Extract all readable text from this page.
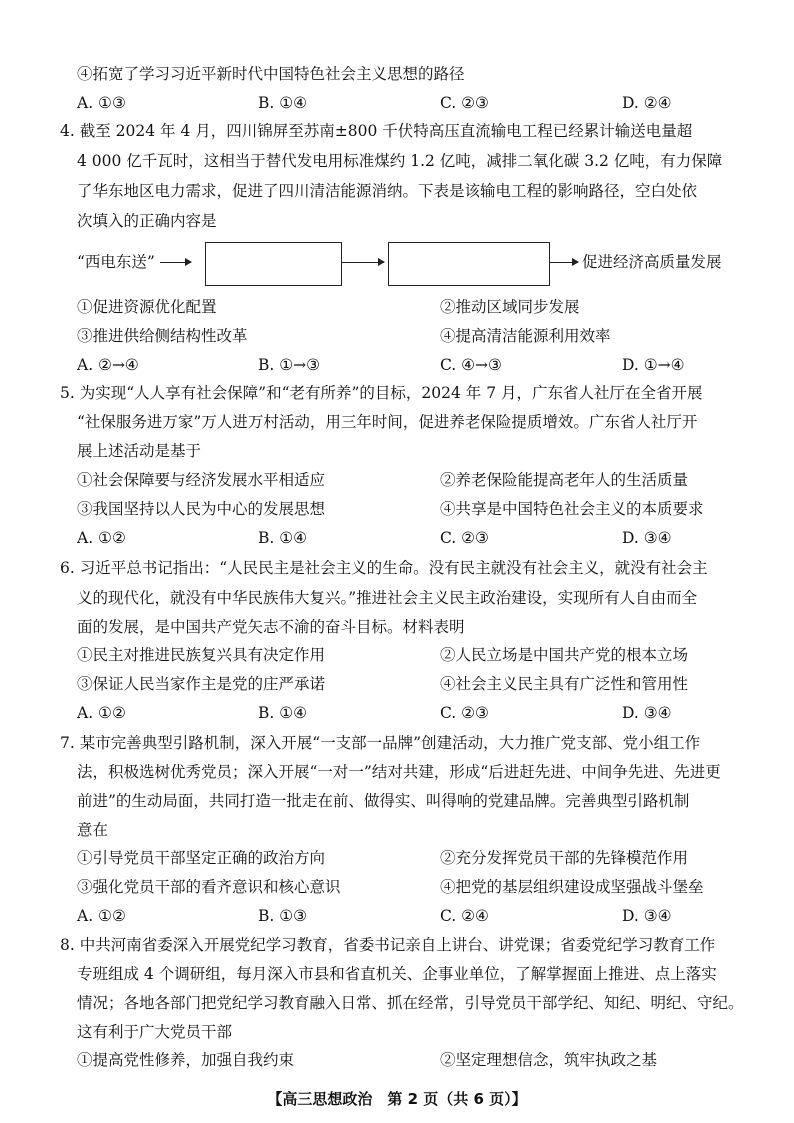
④拓宽了学习习近平新时代中国特色社会主义思想的路径
A. ①③	B. ①④	C. ②③	D. ②④
4. 截至 2024 年 4 月，四川锦屏至苏南±800 千伏特高压直流输电工程已经累计输送电量超
4 000 亿千瓦时，这相当于替代发电用标准煤约 1.2 亿吨，减排二氧化碳 3.2 亿吨，有力保障
了华东地区电力需求，促进了四川清洁能源消纳。下表是该输电工程的影响路径，空白处依
次填入的正确内容是
“西电东送”	促进经济高质量发展
①促进资源优化配置	②推动区域同步发展
③推进供给侧结构性改革	④提高清洁能源利用效率
A. ②→④	B. ①→③	C. ④→③	D. ①→④
5. 为实现“人人享有社会保障”和“老有所养”的目标，2024 年 7 月，广东省人社厅在全省开展
“社保服务进万家”万人进万村活动，用三年时间，促进养老保险提质增效。广东省人社厅开
展上述活动是基于
①社会保障要与经济发展水平相适应	②养老保险能提高老年人的生活质量
③我国坚持以人民为中心的发展思想	④共享是中国特色社会主义的本质要求
A. ①②	B. ①④	C. ②③	D. ③④
6. 习近平总书记指出：“人民民主是社会主义的生命。没有民主就没有社会主义，就没有社会主
义的现代化，就没有中华民族伟大复兴。”推进社会主义民主政治建设，实现所有人自由而全
面的发展，是中国共产党矢志不渝的奋斗目标。材料表明
①民主对推进民族复兴具有决定作用	②人民立场是中国共产党的根本立场
③保证人民当家作主是党的庄严承诺	④社会主义民主具有广泛性和管用性
A. ①②	B. ①④	C. ②③	D. ③④
7. 某市完善典型引路机制，深入开展“一支部一品牌”创建活动，大力推广党支部、党小组工作
法，积极选树优秀党员；深入开展“一对一”结对共建，形成“后进赶先进、中间争先进、先进更
前进”的生动局面，共同打造一批走在前、做得实、叫得响的党建品牌。完善典型引路机制
意在
①引导党员干部坚定正确的政治方向	②充分发挥党员干部的先锋模范作用
③强化党员干部的看齐意识和核心意识	④把党的基层组织建设成坚强战斗堡垒
A. ①②	B. ①③	C. ②④	D. ③④
8. 中共河南省委深入开展党纪学习教育，省委书记亲自上讲台、讲党课；省委党纪学习教育工作
专班组成 4 个调研组，每月深入市县和省直机关、企事业单位，了解掌握面上推进、点上落实
情况；各地各部门把党纪学习教育融入日常、抓在经常，引导党员干部学纪、知纪、明纪、守纪。
这有利于广大党员干部
①提高党性修养，加强自我约束	②坚定理想信念，筑牢执政之基
【高三思想政治　第 2 页（共 6 页）】
